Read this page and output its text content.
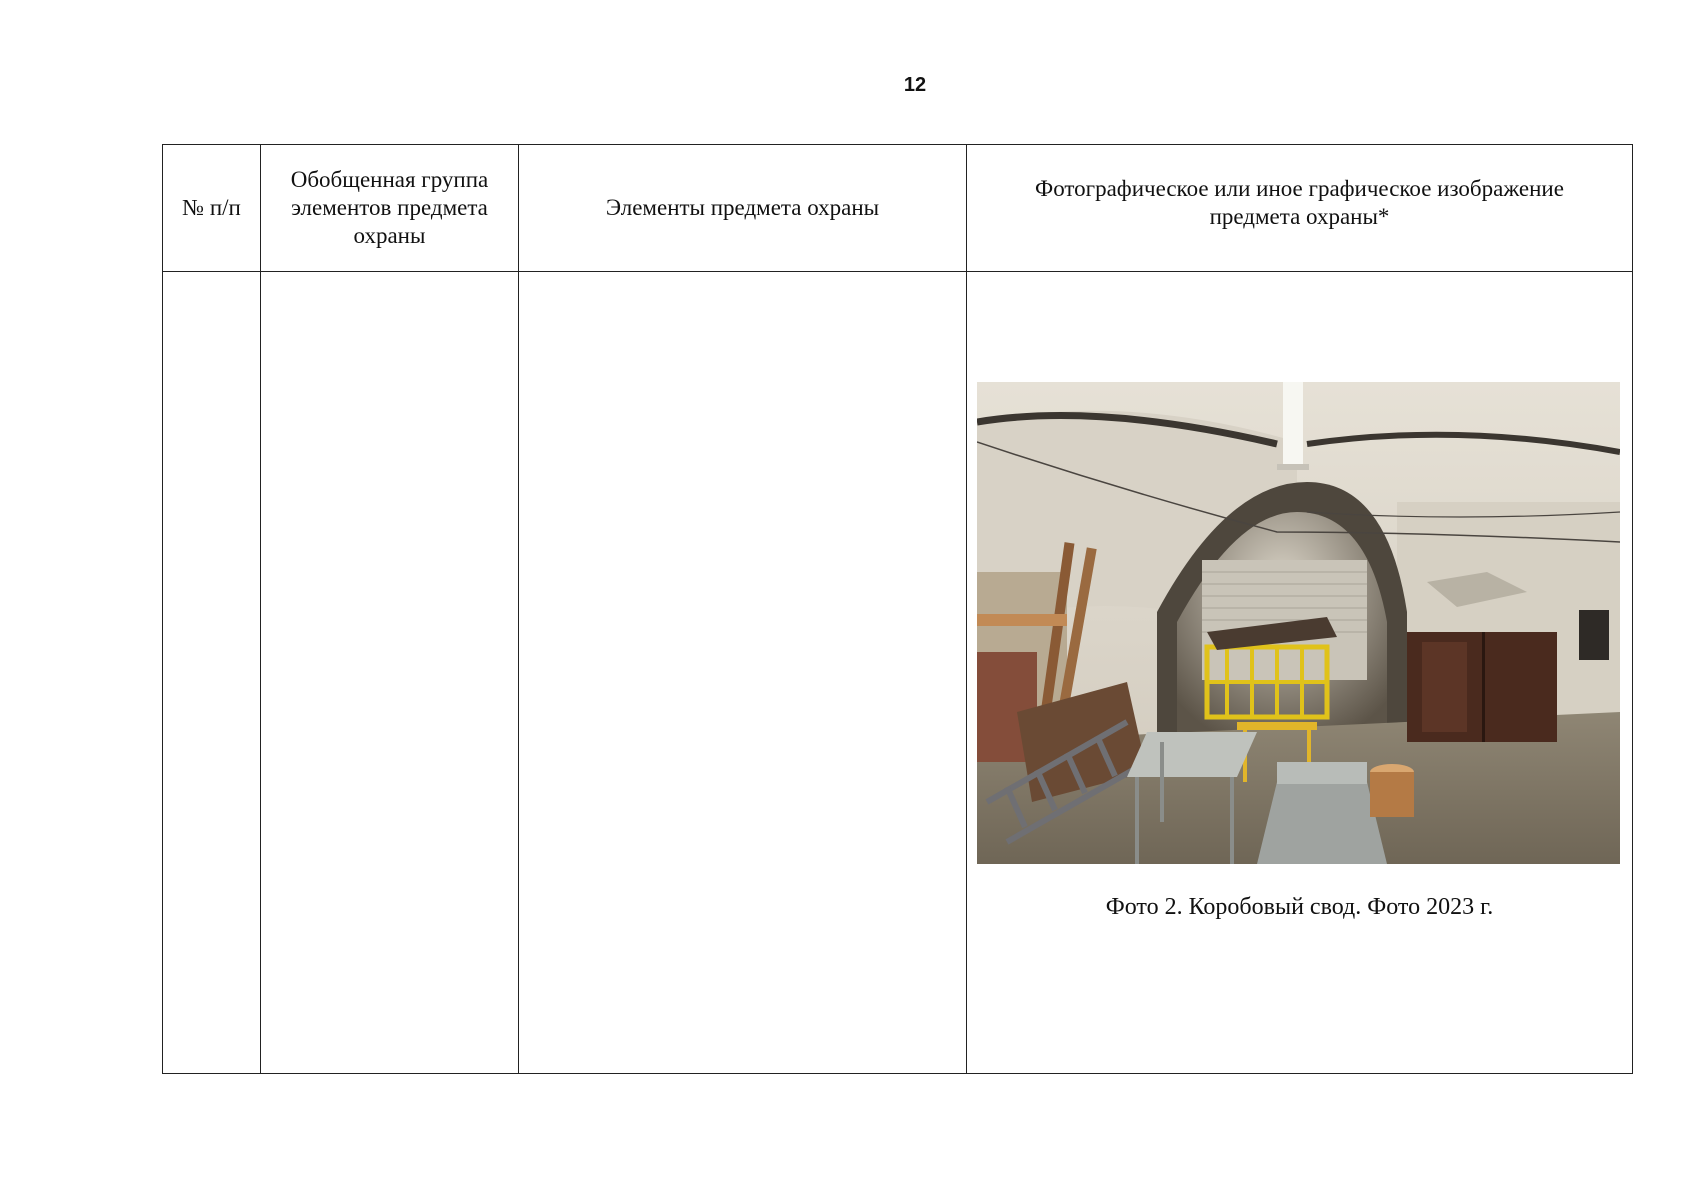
12
№ п/п	Обобщенная группа элементов предмета охраны	Элементы предмета охраны	Фотографическое или иное графическое изображение предмета охраны*

			Фото 2. Коробовый свод. Фото 2023 г.
